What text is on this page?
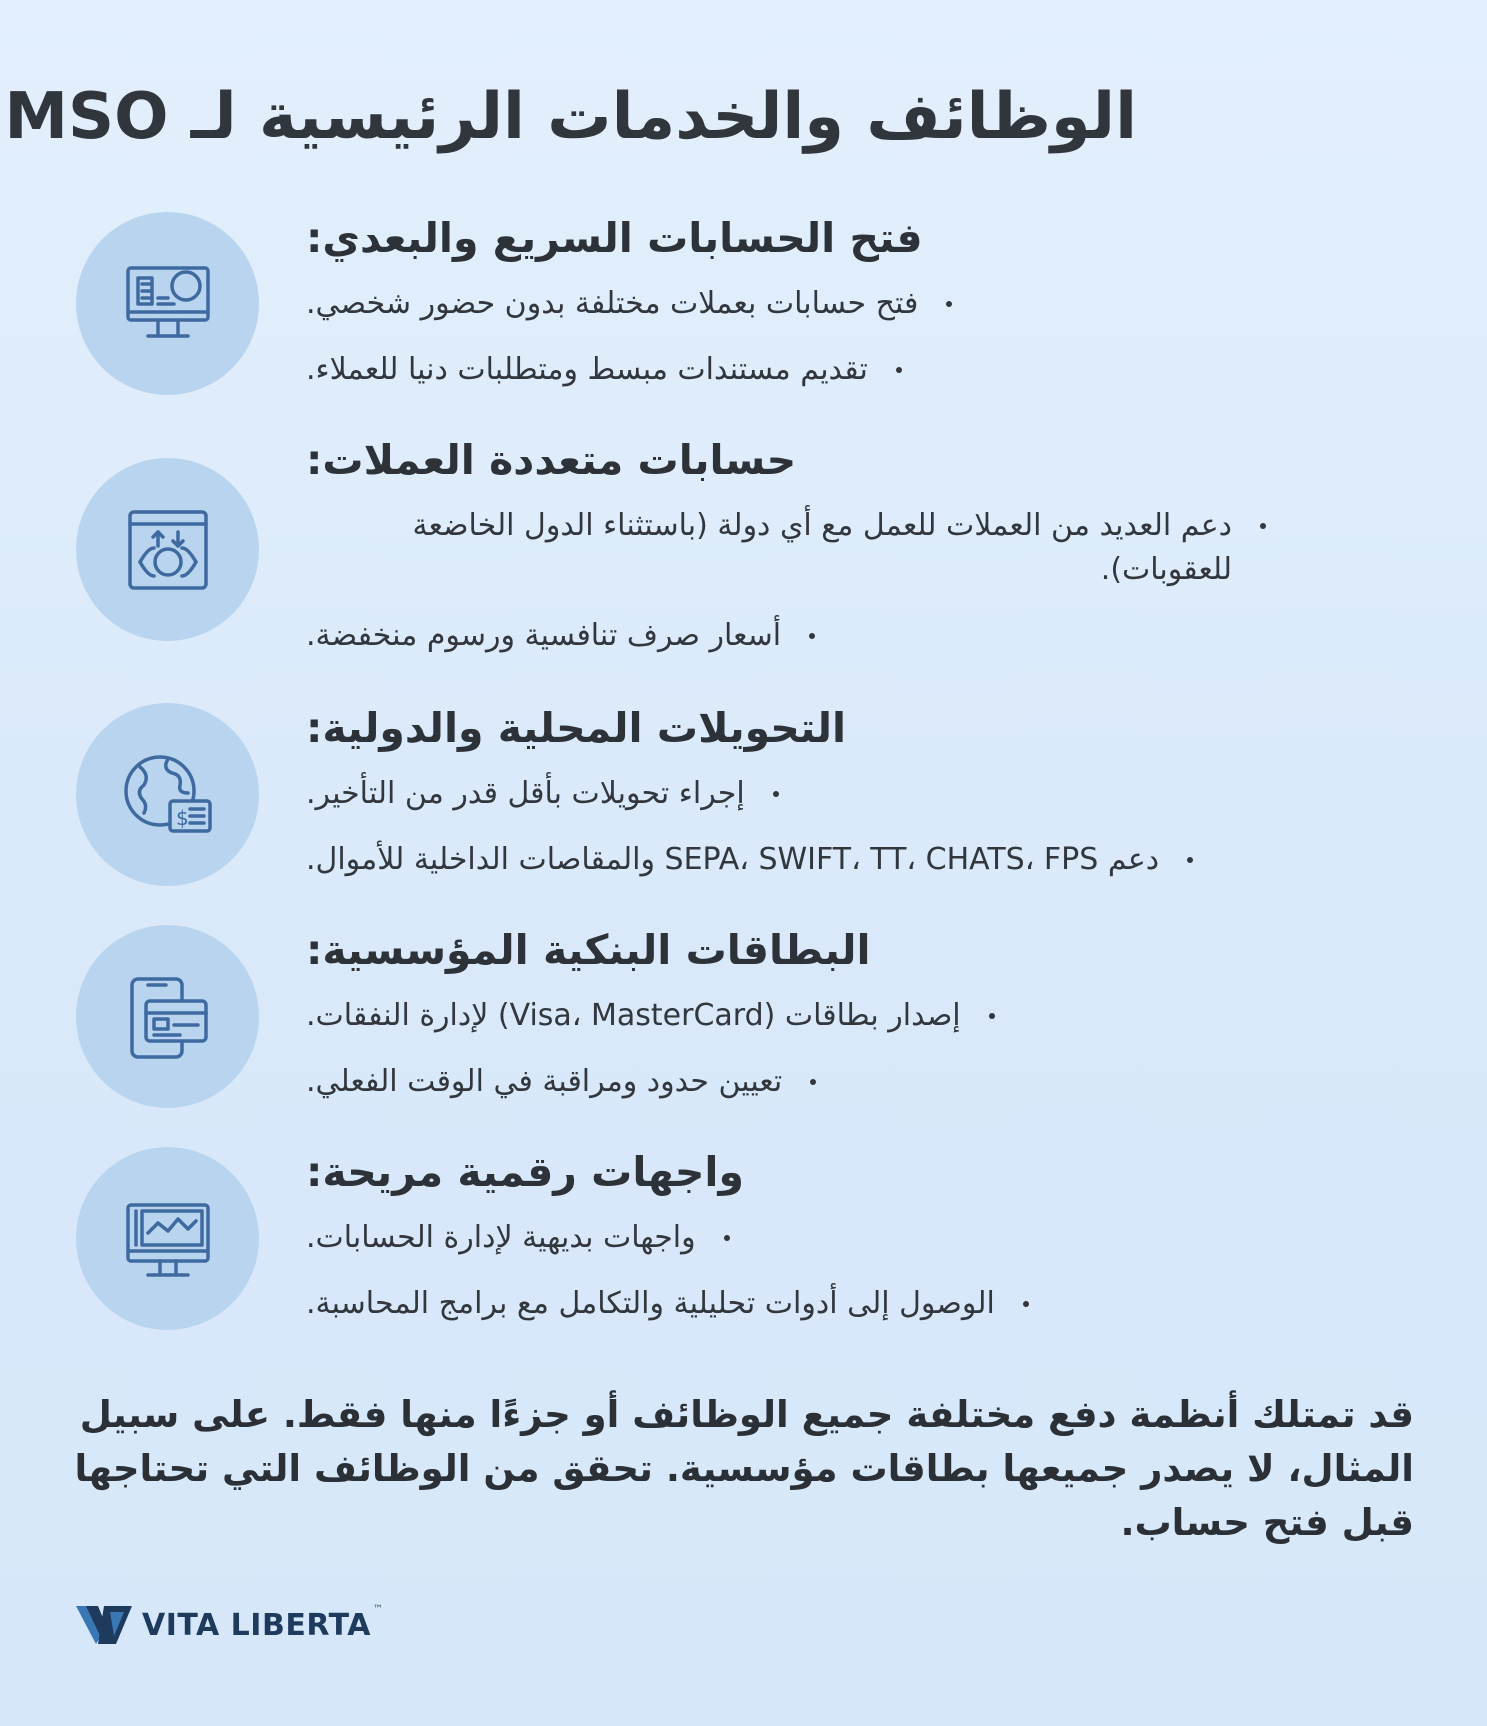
الوظائف والخدمات الرئيسية لـ MSO
فتح الحسابات السريع والبعدي:
فتح حسابات بعملات مختلفة بدون حضور شخصي.
تقديم مستندات مبسط ومتطلبات دنيا للعملاء.
حسابات متعددة العملات:
دعم العديد من العملات للعمل مع أي دولة (باستثناء الدول الخاضعة للعقوبات).
أسعار صرف تنافسية ورسوم منخفضة.
$
التحويلات المحلية والدولية:
إجراء تحويلات بأقل قدر من التأخير.
دعم SEPA، SWIFT، TT، CHATS، FPS والمقاصات الداخلية للأموال.
البطاقات البنكية المؤسسية:
إصدار بطاقات (Visa، MasterCard) لإدارة النفقات.
تعيين حدود ومراقبة في الوقت الفعلي.
واجهات رقمية مريحة:
واجهات بديهية لإدارة الحسابات.
الوصول إلى أدوات تحليلية والتكامل مع برامج المحاسبة.

قد تمتلك أنظمة دفع مختلفة جميع الوظائف أو جزءًا منها فقط. على سبيل المثال، لا يصدر جميعها بطاقات مؤسسية. تحقق من الوظائف التي تحتاجها قبل فتح حساب.

VITA LIBERTA ™
